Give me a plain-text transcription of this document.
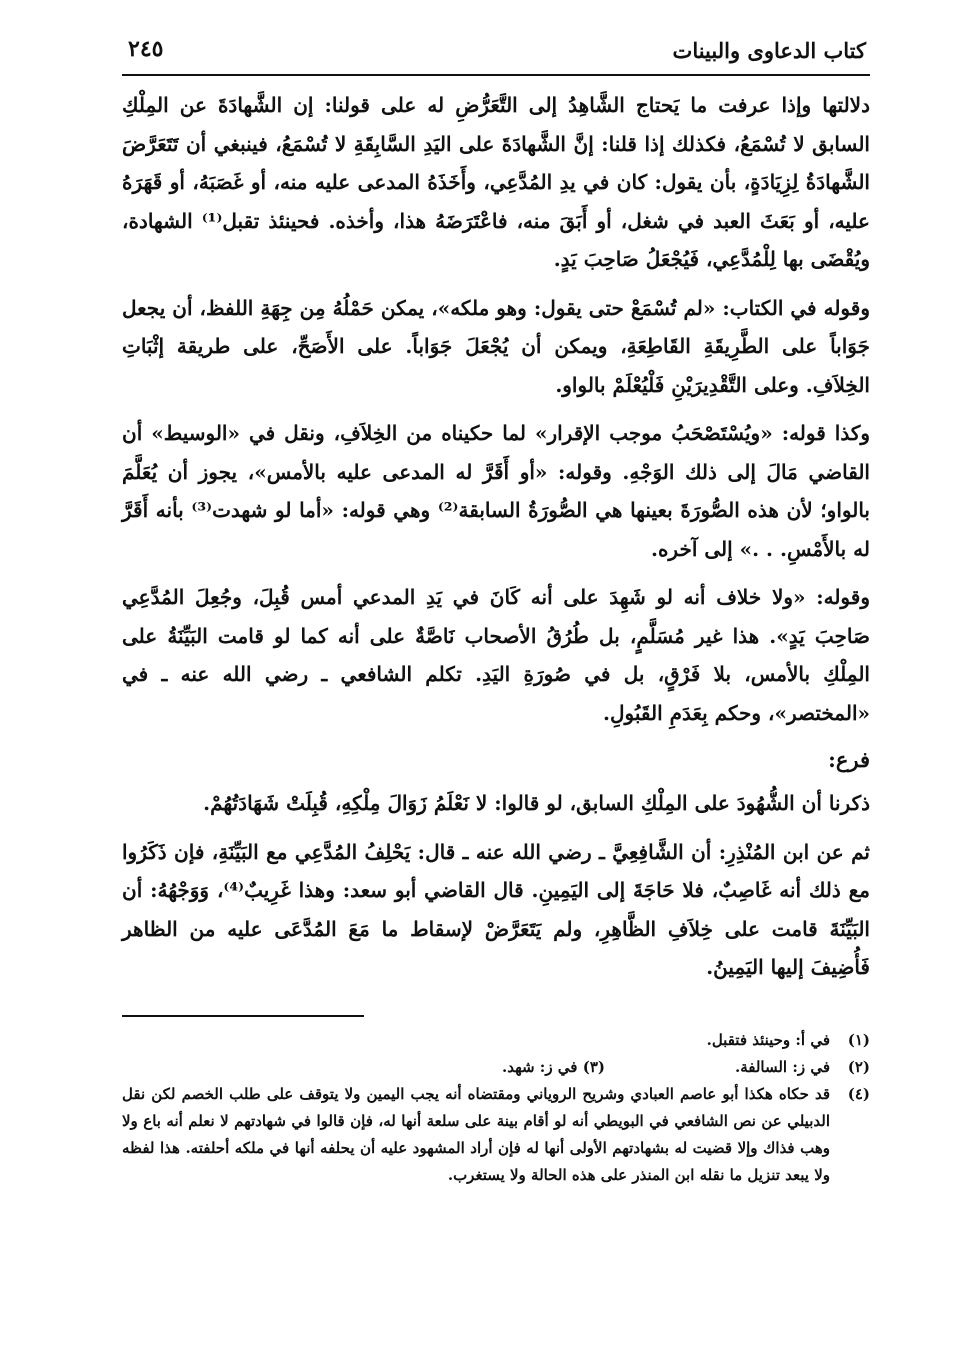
كتاب الدعاوى والبينات
٢٤٥

دلالتها وإذا عرفت ما يَحتاج الشَّاهِدُ إلى التَّعَرُّضِ له على قولنا: إن الشَّهادَةَ عن المِلْكِ السابق لا تُسْمَعُ، فكذلك إذا قلنا: إنَّ الشَّهادَةَ على اليَدِ السَّابِقَةِ لا تُسْمَعُ، فينبغي أن تَتَعَرَّضَ الشَّهادَةُ لِزِيَادَةٍ، بأن يقول: كان في يدِ المُدَّعِي، وأَخَذَهُ المدعى عليه منه، أو غَصَبَهُ، أو قَهَرَهُ عليه، أو بَعَثَ العبد في شغل، أو أَبَقَ منه، فاعْتَرَضَهُ هذا، وأخذه. فحينئذ تقبل⁽¹⁾ الشهادة، ويُقْضَى بها لِلْمُدَّعِي، فَيُجْعَلُ صَاحِبَ يَدٍ.

وقوله في الكتاب: «لم تُسْمَعْ حتى يقول: وهو ملكه»، يمكن حَمْلُهُ مِن جِهَةِ اللفظ، أن يجعل جَوَاباً على الطَّرِيقَةِ القَاطِعَةِ، ويمكن أن يُجْعَلَ جَوَاباً. على الأَصَحِّ، على طريقة إثْبَاتِ الخِلاَفِ. وعلى التَّقْدِيرَيْنِ فَلْيُعْلَمْ بالواو.

وكذا قوله: «ويُسْتَصْحَبُ موجب الإقرار» لما حكيناه من الخِلاَفِ، ونقل في «الوسيط» أن القاضي مَالَ إلى ذلك الوَجْهِ. وقوله: «أو أَقَرَّ له المدعى عليه بالأمس»، يجوز أن يُعَلَّمَ بالواو؛ لأن هذه الصُّورَةَ بعينها هي الصُّورَةُ السابقة⁽²⁾ وهي قوله: «أما لو شهدت⁽³⁾ بأنه أَقَرَّ له بالأَمْسِ. . .» إلى آخره.

وقوله: «ولا خلاف أنه لو شَهِدَ على أنه كَانَ في يَدِ المدعي أمس قُبِلَ، وجُعِلَ المُدَّعِي صَاحِبَ يَدٍ». هذا غير مُسَلَّمٍ، بل طُرُقُ الأصحاب نَاصَّةٌ على أنه كما لو قامت البَيِّنَةُ على المِلْكِ بالأمس، بلا فَرْقٍ، بل في صُورَةِ اليَدِ. تكلم الشافعي ـ رضي الله عنه ـ في «المختصر»، وحكم بِعَدَمِ القَبُولِ.

فرع:

ذكرنا أن الشُّهُودَ على المِلْكِ السابق، لو قالوا: لا نَعْلَمُ زَوَالَ مِلْكِهِ، قُبِلَتْ شَهَادَتُهُمْ.

ثم عن ابن المُنْذِرِ: أن الشَّافِعِيَّ ـ رضي الله عنه ـ قال: يَحْلِفُ المُدَّعِي مع البَيِّنَةِ، فإن ذَكَرُوا مع ذلك أنه غَاصِبٌ، فلا حَاجَةَ إلى اليَمِينِ. قال القاضي أبو سعد: وهذا غَرِيبٌ⁽⁴⁾، وَوَجْهُهُ: أن البَيِّنَةَ قامت على خِلاَفِ الظَّاهِرِ، ولم يَتَعَرَّضْ لإسقاط ما مَعَ المُدَّعَى عليه من الظاهر فَأُضِيفَ إليها اليَمِينُ.

(١)
في أ: وحينئذ فتقبل.
(٢)
في ز: السالفة.
(٣) في ز: شهد.
(٤)
قد حكاه هكذا أبو عاصم العبادي وشريح الروياني ومقتضاه أنه يجب اليمين ولا يتوقف على طلب الخصم لكن نقل الدبيلي عن نص الشافعي في البويطي أنه لو أقام بينة على سلعة أنها له، فإن قالوا في شهادتهم لا نعلم أنه باع ولا وهب فذاك وإلا قضيت له بشهادتهم الأولى أنها له فإن أراد المشهود عليه أن يحلفه أنها في ملكه أحلفته. هذا لفظه ولا يبعد تنزيل ما نقله ابن المنذر على هذه الحالة ولا يستغرب.
